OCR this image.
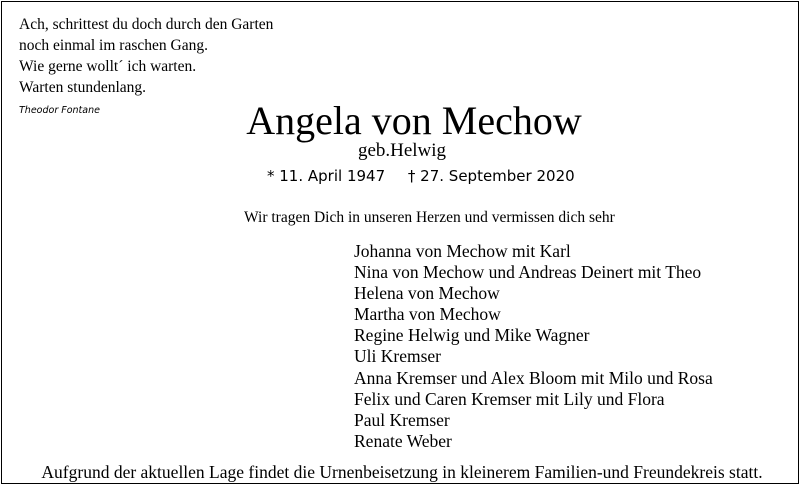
Ach, schrittest du doch durch den Garten
noch einmal im raschen Gang.
Wie gerne wollt´ ich warten.
Warten stundenlang.
Theodor Fontane	Angela von Mechow
geb.Helwig
* 11. April 1947 † 27. September 2020
Wir tragen Dich in unseren Herzen und vermissen dich sehr
Johanna von Mechow mit Karl
Nina von Mechow und Andreas Deinert mit Theo
Helena von Mechow
Martha von Mechow
Regine Helwig und Mike Wagner
Uli Kremser
Anna Kremser und Alex Bloom mit Milo und Rosa
Felix und Caren Kremser mit Lily und Flora
Paul Kremser
Renate Weber
Aufgrund der aktuellen Lage findet die Urnenbeisetzung in kleinerem Familien-und Freundekreis statt.
